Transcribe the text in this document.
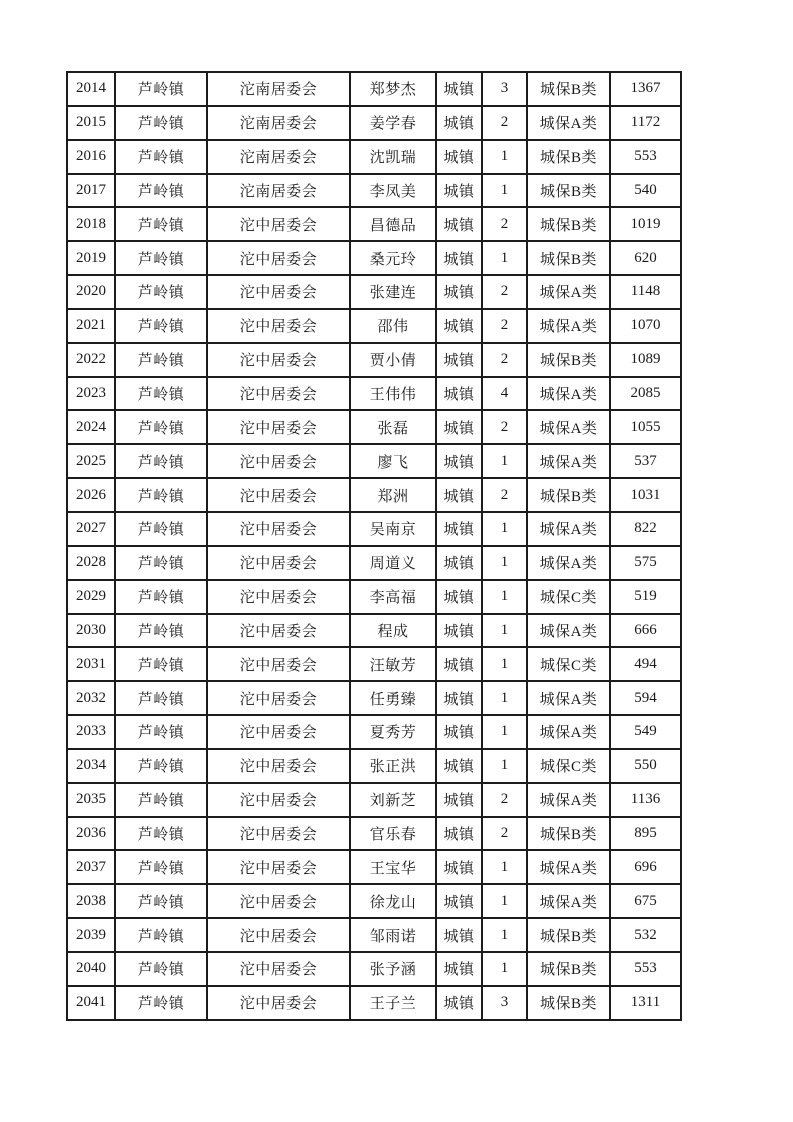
2014	芦岭镇	沱南居委会	郑梦杰	城镇	3	城保B类	1367
2015	芦岭镇	沱南居委会	姜学春	城镇	2	城保A类	1172
2016	芦岭镇	沱南居委会	沈凯瑞	城镇	1	城保B类	553
2017	芦岭镇	沱南居委会	李凤美	城镇	1	城保B类	540
2018	芦岭镇	沱中居委会	昌德品	城镇	2	城保B类	1019
2019	芦岭镇	沱中居委会	桑元玲	城镇	1	城保B类	620
2020	芦岭镇	沱中居委会	张建连	城镇	2	城保A类	1148
2021	芦岭镇	沱中居委会	邵伟	城镇	2	城保A类	1070
2022	芦岭镇	沱中居委会	贾小倩	城镇	2	城保B类	1089
2023	芦岭镇	沱中居委会	王伟伟	城镇	4	城保A类	2085
2024	芦岭镇	沱中居委会	张磊	城镇	2	城保A类	1055
2025	芦岭镇	沱中居委会	廖飞	城镇	1	城保A类	537
2026	芦岭镇	沱中居委会	郑洲	城镇	2	城保B类	1031
2027	芦岭镇	沱中居委会	吴南京	城镇	1	城保A类	822
2028	芦岭镇	沱中居委会	周道义	城镇	1	城保A类	575
2029	芦岭镇	沱中居委会	李高福	城镇	1	城保C类	519
2030	芦岭镇	沱中居委会	程成	城镇	1	城保A类	666
2031	芦岭镇	沱中居委会	汪敏芳	城镇	1	城保C类	494
2032	芦岭镇	沱中居委会	任勇臻	城镇	1	城保A类	594
2033	芦岭镇	沱中居委会	夏秀芳	城镇	1	城保A类	549
2034	芦岭镇	沱中居委会	张正洪	城镇	1	城保C类	550
2035	芦岭镇	沱中居委会	刘新芝	城镇	2	城保A类	1136
2036	芦岭镇	沱中居委会	官乐春	城镇	2	城保B类	895
2037	芦岭镇	沱中居委会	王宝华	城镇	1	城保A类	696
2038	芦岭镇	沱中居委会	徐龙山	城镇	1	城保A类	675
2039	芦岭镇	沱中居委会	邹雨诺	城镇	1	城保B类	532
2040	芦岭镇	沱中居委会	张予涵	城镇	1	城保B类	553
2041	芦岭镇	沱中居委会	王子兰	城镇	3	城保B类	1311
